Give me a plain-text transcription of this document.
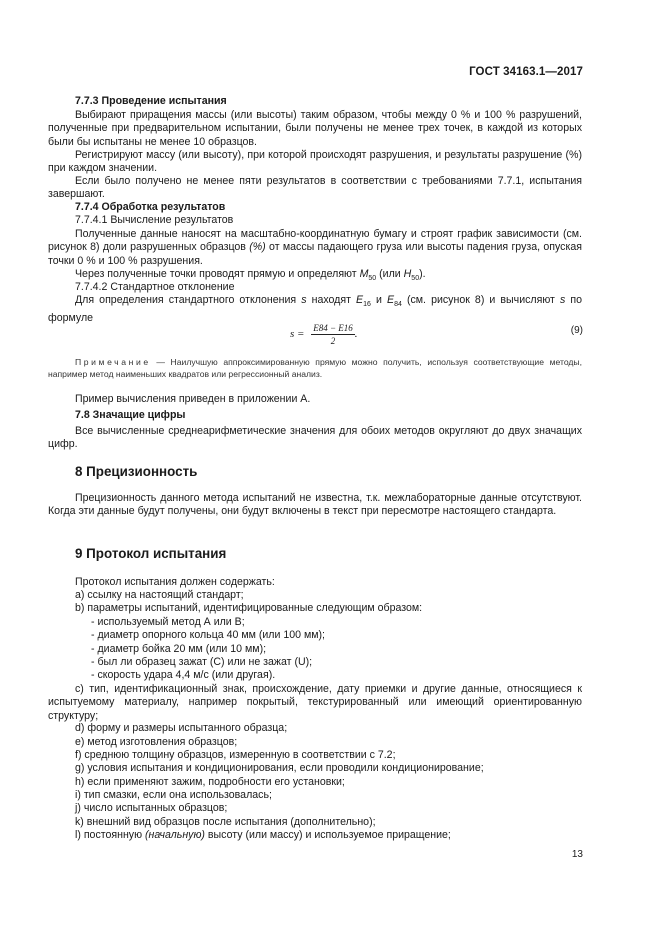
ГОСТ 34163.1—2017

7.7.3 Проведение испытания

Выбирают приращения массы (или высоты) таким образом, чтобы между 0 % и 100 % разрушений, полученные при предварительном испытании, были получены не менее трех точек, в каждой из которых были бы испытаны не менее 10 образцов.

Регистрируют массу (или высоту), при которой происходят разрушения, и результаты разрушение (%) при каждом значении.

Если было получено не менее пяти результатов в соответствии с требованиями 7.7.1, испытания завершают.

7.7.4 Обработка результатов

7.7.4.1 Вычисление результатов

Полученные данные наносят на масштабно-координатную бумагу и строят график зависимости (см. рисунок 8) доли разрушенных образцов (%) от массы падающего груза или высоты падения груза, опуская точки 0 % и 100 % разрушения.

Через полученные точки проводят прямую и определяют $M_{50}$ (или $H_{50}$).

7.7.4.2 Стандартное отклонение

Для определения стандартного отклонения s находят $E_{16}$ и $E_{84}$ (см. рисунок 8) и вычисляют s по формуле

$s = \frac{E84 - E16}{2}$ .	(9)

Примечание — Наилучшую аппроксимированную прямую можно получить, используя соответствующие методы, например метод наименьших квадратов или регрессионный анализ.

Пример вычисления приведен в приложении А.

7.8 Значащие цифры

Все вычисленные среднеарифметические значения для обоих методов округляют до двух значащих цифр.

8 Прецизионность

Прецизионность данного метода испытаний не известна, т.к. межлабораторные данные отсутствуют. Когда эти данные будут получены, они будут включены в текст при пересмотре настоящего стандарта.

9 Протокол испытания

Протокол испытания должен содержать:

а) ссылку на настоящий стандарт;
b) параметры испытаний, идентифицированные следующим образом:
- используемый метод А или В;
- диаметр опорного кольца 40 мм (или 100 мм);
- диаметр бойка 20 мм (или 10 мм);
- был ли образец зажат (С) или не зажат (U);
- скорость удара 4,4 м/с (или другая).

с) тип, идентификационный знак, происхождение, дату приемки и другие данные, относящиеся к испытуемому материалу, например покрытый, текстурированный или имеющий ориентированную структуру;

d) форму и размеры испытанного образца;
е) метод изготовления образцов;
f) среднюю толщину образцов, измеренную в соответствии с 7.2;
g) условия испытания и кондиционирования, если проводили кондиционирование;
h) если применяют зажим, подробности его установки;
i) тип смазки, если она использовалась;
j) число испытанных образцов;
k) внешний вид образцов после испытания (дополнительно);
l) постоянную (начальную) высоту (или массу) и используемое приращение;
13
